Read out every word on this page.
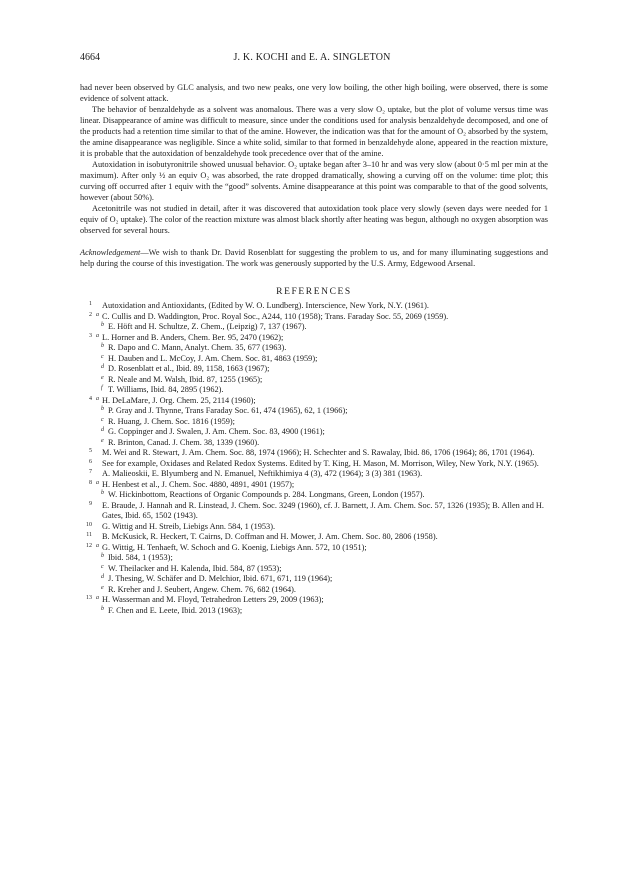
4664	J. K. KOCHI and E. A. SINGLETON

had never been observed by GLC analysis, and two new peaks, one very low boiling, the other high boiling, were observed, there is some evidence of solvent attack.

The behavior of benzaldehyde as a solvent was anomalous. There was a very slow O₂ uptake, but the plot of volume versus time was linear. Disappearance of amine was difficult to measure, since under the conditions used for analysis benzaldehyde decomposed, and one of the products had a retention time similar to that of the amine. However, the indication was that for the amount of O₂ absorbed by the system, the amine disappearance was negligible. Since a white solid, similar to that formed in benzaldehyde alone, appeared in the reaction mixture, it is probable that the autoxidation of benzaldehyde took precedence over that of the amine.

Autoxidation in isobutyronitrile showed unusual behavior. O₂ uptake began after 3–10 hr and was very slow (about 0·5 ml per min at the maximum). After only ½ an equiv O₂ was absorbed, the rate dropped dramatically, showing a curving off on the volume: time plot; this curving off occurred after 1 equiv with the “good” solvents. Amine disappearance at this point was comparable to that of the good solvents, however (about 50%).

Acetonitrile was not studied in detail, after it was discovered that autoxidation took place very slowly (seven days were needed for 1 equiv of O₂ uptake). The color of the reaction mixture was almost black shortly after heating was begun, although no oxygen absorption was observed for several hours.

Acknowledgement—We wish to thank Dr. David Rosenblatt for suggesting the problem to us, and for many illuminating suggestions and help during the course of this investigation. The work was generously supported by the U.S. Army, Edgewood Arsenal.

REFERENCES
1 Autoxidation and Antioxidants, (Edited by W. O. Lundberg). Interscience, New York, N.Y. (1961).
2 a C. Cullis and D. Waddington, Proc. Royal Soc., A244, 110 (1958); Trans. Faraday Soc. 55, 2069 (1959).
b E. Höft and H. Schultze, Z. Chem., (Leipzig) 7, 137 (1967).
3 a L. Horner and B. Anders, Chem. Ber. 95, 2470 (1962);
b R. Dapo and C. Mann, Analyt. Chem. 35, 677 (1963).
c H. Dauben and L. McCoy, J. Am. Chem. Soc. 81, 4863 (1959);
d D. Rosenblatt et al., Ibid. 89, 1158, 1663 (1967);
e R. Neale and M. Walsh, Ibid. 87, 1255 (1965);
f T. Williams, Ibid. 84, 2895 (1962).
4 a H. DeLaMare, J. Org. Chem. 25, 2114 (1960);
b P. Gray and J. Thynne, Trans Faraday Soc. 61, 474 (1965), 62, 1 (1966);
c R. Huang, J. Chem. Soc. 1816 (1959);
d G. Coppinger and J. Swalen, J. Am. Chem. Soc. 83, 4900 (1961);
e R. Brinton, Canad. J. Chem. 38, 1339 (1960).
5 M. Wei and R. Stewart, J. Am. Chem. Soc. 88, 1974 (1966); H. Schechter and S. Rawalay, Ibid. 86, 1706 (1964); 86, 1701 (1964).
6 See for example, Oxidases and Related Redox Systems. Edited by T. King, H. Mason, M. Morrison, Wiley, New York, N.Y. (1965).
7 A. Malieoskii, E. Blyumberg and N. Emanuel, Neftikhimiya 4 (3), 472 (1964); 3 (3) 381 (1963).
8 a H. Henbest et al., J. Chem. Soc. 4880, 4891, 4901 (1957);
b W. Hickinbottom, Reactions of Organic Compounds p. 284. Longmans, Green, London (1957).
9 E. Braude, J. Hannah and R. Linstead, J. Chem. Soc. 3249 (1960), cf. J. Barnett, J. Am. Chem. Soc. 57, 1326 (1935); B. Allen and H. Gates, Ibid. 65, 1502 (1943).
10 G. Wittig and H. Streib, Liebigs Ann. 584, 1 (1953).
11 B. McKusick, R. Heckert, T. Cairns, D. Coffman and H. Mower, J. Am. Chem. Soc. 80, 2806 (1958).
12 a G. Wittig, H. Tenhaeft, W. Schoch and G. Koenig, Liebigs Ann. 572, 10 (1951);
b Ibid. 584, 1 (1953);
c W. Theilacker and H. Kalenda, Ibid. 584, 87 (1953);
d J. Thesing, W. Schäfer and D. Melchior, Ibid. 671, 671, 119 (1964);
e R. Kreher and J. Seubert, Angew. Chem. 76, 682 (1964).
13 a H. Wasserman and M. Floyd, Tetrahedron Letters 29, 2009 (1963);
b F. Chen and E. Leete, Ibid. 2013 (1963);
